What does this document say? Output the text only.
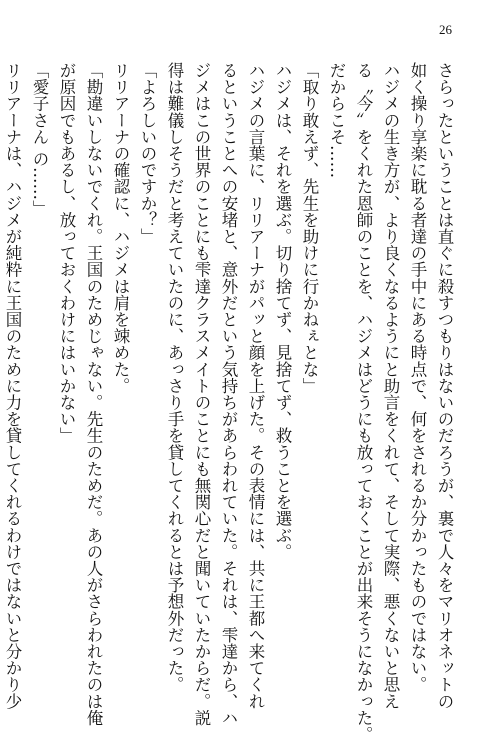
26
さらったということは直ぐに殺すつもりはないのだろうが、裏で人々をマリオネットの
如く操り享楽に耽る者達の手中にある時点で、何をされるか分かったものではない。
ハジメの生き方が、より良くなるようにと助言をくれて、そして実際、悪くないと思え
る〝今〟をくれた恩師のことを、ハジメはどうにも放っておくことが出来そうになかった。
だからこそ……
「取り敢えず、先生を助けに行かねぇとな」
ハジメは、それを選ぶ。切り捨てず、見捨てず、救うことを選ぶ。
ハジメの言葉に、リリアーナがパッと顔を上げた。その表情には、共に王都へ来てくれ
るということへの安堵と、意外だという気持ちがあらわれていた。それは、雫達から、ハ
ジメはこの世界のことにも雫達クラスメイトのことにも無関心だと聞いていたからだ。説
得は難儀しそうだと考えていたのに、あっさり手を貸してくれるとは予想外だった。
「よろしいのですか？」
リリアーナの確認に、ハジメは肩を竦めた。
「勘違いしないでくれ。王国のためじゃない。先生のためだ。あの人がさらわれたのは俺
が原因でもあるし、放っておくわけにはいかない」
「愛子さん の……」
リリアーナは、ハジメが純粋に王国のために力を貸してくれるわけではないと分かり少
